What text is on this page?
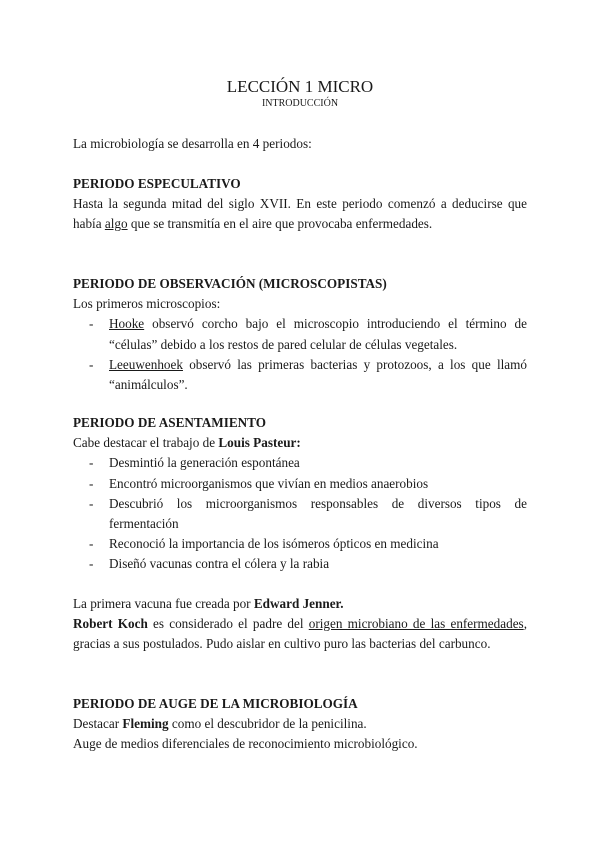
LECCIÓN 1 MICRO
INTRODUCCIÓN

La microbiología se desarrolla en 4 periodos:

PERIODO ESPECULATIVO

Hasta la segunda mitad del siglo XVII. En este periodo comenzó a deducirse que había algo que se transmitía en el aire que provocaba enfermedades.

PERIODO DE OBSERVACIÓN (MICROSCOPISTAS)

Los primeros microscopios:

- Hooke observó corcho bajo el microscopio introduciendo el término de “células” debido a los restos de pared celular de células vegetales.
- Leeuwenhoek observó las primeras bacterias y protozoos, a los que llamó “animálculos”.

PERIODO DE ASENTAMIENTO

Cabe destacar el trabajo de Louis Pasteur:

- Desmintió la generación espontánea
- Encontró microorganismos que vivían en medios anaerobios
- Descubrió los microorganismos responsables de diversos tipos de fermentación
- Reconoció la importancia de los isómeros ópticos en medicina
- Diseñó vacunas contra el cólera y la rabia

La primera vacuna fue creada por Edward Jenner.

Robert Koch es considerado el padre del origen microbiano de las enfermedades, gracias a sus postulados. Pudo aislar en cultivo puro las bacterias del carbunco.

PERIODO DE AUGE DE LA MICROBIOLOGÍA

Destacar Fleming como el descubridor de la penicilina.

Auge de medios diferenciales de reconocimiento microbiológico.
